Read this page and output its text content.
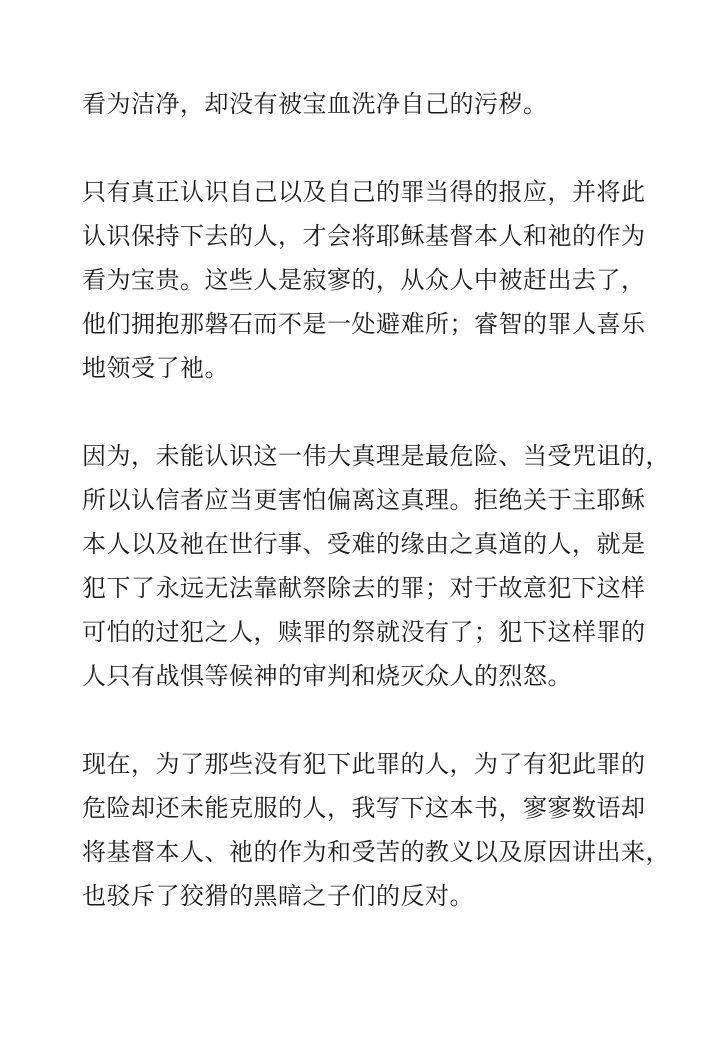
看为洁净，却没有被宝血洗净自己的污秽。
只有真正认识自己以及自己的罪当得的报应，并将此
认识保持下去的人，才会将耶稣基督本人和祂的作为
看为宝贵。这些人是寂寥的，从众人中被赶出去了，
他们拥抱那磐石而不是一处避难所；睿智的罪人喜乐
地领受了祂。
因为，未能认识这一伟大真理是最危险、当受咒诅的，
所以认信者应当更害怕偏离这真理。拒绝关于主耶稣
本人以及祂在世行事、受难的缘由之真道的人，就是
犯下了永远无法靠献祭除去的罪；对于故意犯下这样
可怕的过犯之人，赎罪的祭就没有了；犯下这样罪的
人只有战惧等候神的审判和烧灭众人的烈怒。
现在，为了那些没有犯下此罪的人，为了有犯此罪的
危险却还未能克服的人，我写下这本书，寥寥数语却
将基督本人、祂的作为和受苦的教义以及原因讲出来，
也驳斥了狡猾的黑暗之子们的反对。
